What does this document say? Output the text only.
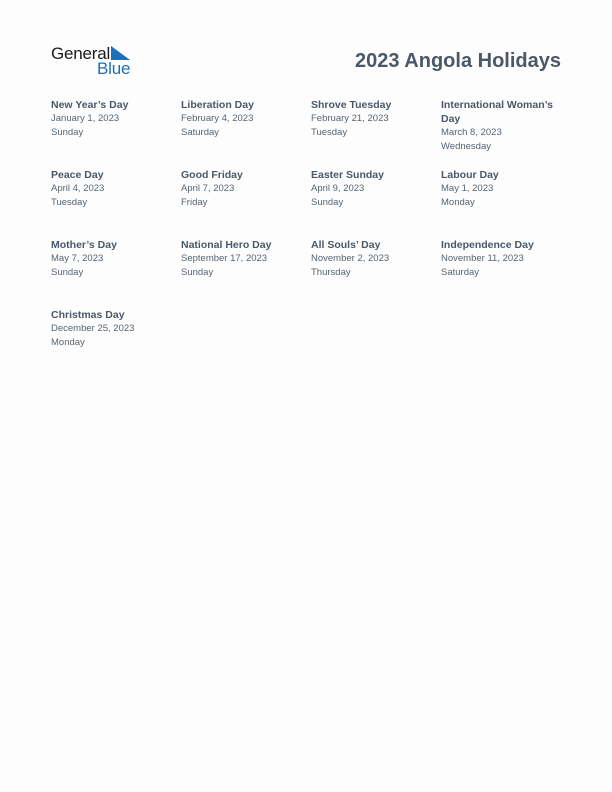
General
Blue	2023 Angola Holidays
New Year’s Day
January 1, 2023
Sunday
Liberation Day
February 4, 2023
Saturday
Shrove Tuesday
February 21, 2023
Tuesday
International Woman’s Day
March 8, 2023
Wednesday
Peace Day
April 4, 2023
Tuesday
Good Friday
April 7, 2023
Friday
Easter Sunday
April 9, 2023
Sunday
Labour Day
May 1, 2023
Monday
Mother’s Day
May 7, 2023
Sunday
National Hero Day
September 17, 2023
Sunday
All Souls’ Day
November 2, 2023
Thursday
Independence Day
November 11, 2023
Saturday
Christmas Day
December 25, 2023
Monday
